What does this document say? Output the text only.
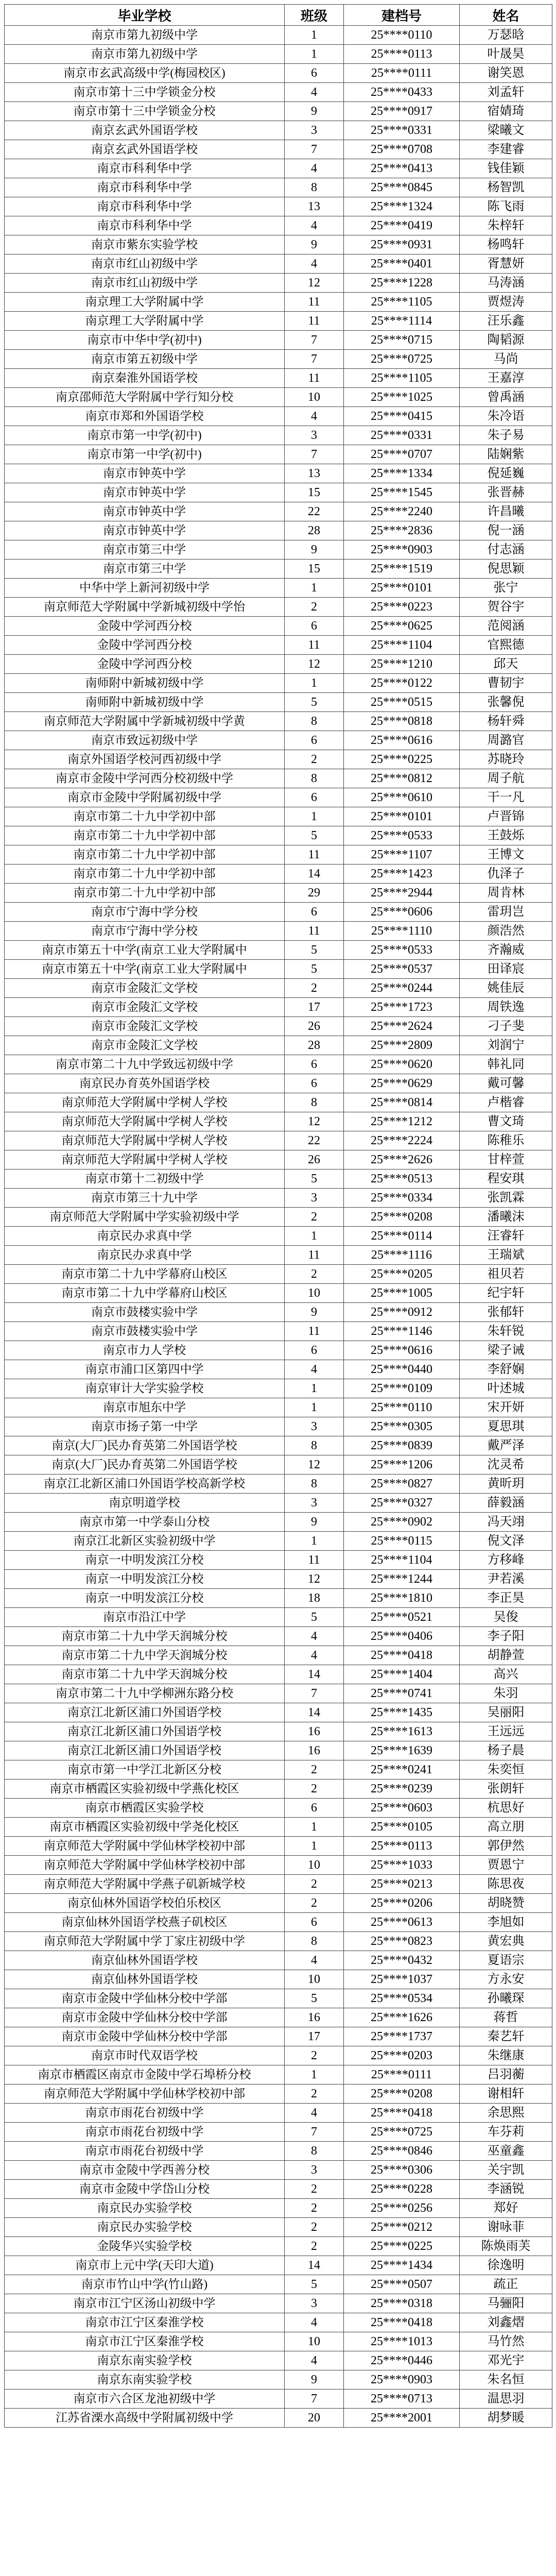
毕业学校	班级	建档号	姓名
南京市第九初级中学	1	25****0110	万瑟晗
南京市第九初级中学	1	25****0113	叶晟昊
南京市玄武高级中学(梅园校区)	6	25****0111	谢笑恩
南京市第十三中学锁金分校	4	25****0433	刘孟轩
南京市第十三中学锁金分校	9	25****0917	宿婧琦
南京玄武外国语学校	3	25****0331	梁曦文
南京玄武外国语学校	7	25****0708	李建睿
南京市科利华中学	4	25****0413	钱佳颖
南京市科利华中学	8	25****0845	杨智凯
南京市科利华中学	13	25****1324	陈飞雨
南京市科利华中学	4	25****0419	朱梓轩
南京市紫东实验学校	9	25****0931	杨鸣轩
南京市红山初级中学	4	25****0401	胥慧妍
南京市红山初级中学	12	25****1228	马涛涵
南京理工大学附属中学	11	25****1105	贾煜涛
南京理工大学附属中学	11	25****1114	汪乐鑫
南京市中华中学(初中)	7	25****0715	陶韬源
南京市第五初级中学	7	25****0725	马尚
南京秦淮外国语学校	11	25****1105	王嘉淳
南京邵师范大学附属中学行知分校	10	25****1025	曾禹涵
南京市郑和外国语学校	4	25****0415	朱冷语
南京市第一中学(初中)	3	25****0331	朱子易
南京市第一中学(初中)	7	25****0707	陆娴紫
南京市钟英中学	13	25****1334	倪延巍
南京市钟英中学	15	25****1545	张晋赫
南京市钟英中学	22	25****2240	许昌曦
南京市钟英中学	28	25****2836	倪一涵
南京市第三中学	9	25****0903	付志涵
南京市第三中学	15	25****1519	倪思颖
中华中学上新河初级中学	1	25****0101	张宁
南京师范大学附属中学新城初级中学怡	2	25****0223	贺谷宇
金陵中学河西分校	6	25****0625	范阅涵
金陵中学河西分校	11	25****1104	官熙德
金陵中学河西分校	12	25****1210	邱天
南师附中新城初级中学	1	25****0122	曹韧宇
南师附中新城初级中学	5	25****0515	张馨倪
南京师范大学附属中学新城初级中学黄	8	25****0818	杨轩舜
南京市致远初级中学	6	25****0616	周潞官
南京外国语学校河西初级中学	2	25****0225	苏晓玲
南京市金陵中学河西分校初级中学	8	25****0812	周子航
南京市金陵中学附属初级中学	6	25****0610	干一凡
南京市第二十九中学初中部	1	25****0101	卢晋锦
南京市第二十九中学初中部	5	25****0533	王鼓烁
南京市第二十九中学初中部	11	25****1107	王博文
南京市第二十九中学初中部	14	25****1423	仇泽子
南京市第二十九中学初中部	29	25****2944	周肯林
南京市宁海中学分校	6	25****0606	雷玥岂
南京市宁海中学分校	11	25****1110	颜浩然
南京市第五十中学(南京工业大学附属中	5	25****0533	齐瀚威
南京市第五十中学(南京工业大学附属中	5	25****0537	田译宸
南京市金陵汇文学校	2	25****0244	姚佳辰
南京市金陵汇文学校	17	25****1723	周铁逸
南京市金陵汇文学校	26	25****2624	刁子斐
南京市金陵汇文学校	28	25****2809	刘润宁
南京市第二十九中学致远初级中学	6	25****0620	韩礼同
南京民办育英外国语学校	6	25****0629	戴可馨
南京师范大学附属中学树人学校	8	25****0814	卢楷睿
南京师范大学附属中学树人学校	12	25****1212	曹文琦
南京师范大学附属中学树人学校	22	25****2224	陈稚乐
南京师范大学附属中学树人学校	26	25****2626	甘梓萱
南京市第十二初级中学	5	25****0513	程安琪
南京市第三十九中学	3	25****0334	张凯霖
南京师范大学附属中学实验初级中学	2	25****0208	潘曦沫
南京民办求真中学	1	25****0114	汪睿轩
南京民办求真中学	11	25****1116	王瑞斌
南京市第二十九中学幕府山校区	2	25****0205	祖贝若
南京市第二十九中学幕府山校区	10	25****1005	纪宇轩
南京市鼓楼实验中学	9	25****0912	张郁轩
南京市鼓楼实验中学	11	25****1146	朱轩锐
南京市力人学校	6	25****0616	梁子诫
南京市浦口区第四中学	4	25****0440	李舒娴
南京审计大学实验学校	1	25****0109	叶述城
南京市旭东中学	1	25****0110	宋开妍
南京市扬子第一中学	3	25****0305	夏思琪
南京(大厂)民办育英第二外国语学校	8	25****0839	戴严泽
南京(大厂)民办育英第二外国语学校	12	25****1206	沈灵希
南京江北新区浦口外国语学校高新学校	8	25****0827	黄昕玥
南京明道学校	3	25****0327	薛毅涵
南京市第一中学泰山分校	9	25****0902	冯天翊
南京江北新区实验初级中学	1	25****0115	倪文泽
南京一中明发滨江分校	11	25****1104	方移峰
南京一中明发滨江分校	12	25****1244	尹若溪
南京一中明发滨江分校	18	25****1810	李正昊
南京市沿江中学	5	25****0521	吴俊
南京市第二十九中学天润城分校	4	25****0406	李子阳
南京市第二十九中学天润城分校	4	25****0418	胡静萱
南京市第二十九中学天润城分校	14	25****1404	高兴
南京市第二十九中学柳洲东路分校	7	25****0741	朱羽
南京江北新区浦口外国语学校	14	25****1435	吴丽阳
南京江北新区浦口外国语学校	16	25****1613	王远远
南京江北新区浦口外国语学校	16	25****1639	杨子晨
南京市第一中学江北新区分校	2	25****0241	朱奕恒
南京市栖霞区实验初级中学燕化校区	2	25****0239	张朗轩
南京市栖霞区实验学校	6	25****0603	杭思好
南京市栖霞区实验初级中学尧化校区	1	25****0105	高立朋
南京师范大学附属中学仙林学校初中部	1	25****0113	郭伊然
南京师范大学附属中学仙林学校初中部	10	25****1033	贾恩宁
南京师范大学附属中学燕子矶新城学校	2	25****0213	陈思夜
南京仙林外国语学校伯乐校区	2	25****0206	胡晓赞
南京仙林外国语学校燕子矶校区	6	25****0613	李旭如
南京师范大学附属中学丁家庄初级中学	8	25****0823	黄宏典
南京仙林外国语学校	4	25****0432	夏语宗
南京仙林外国语学校	10	25****1037	方永安
南京市金陵中学仙林分校中学部	5	25****0534	孙曦琛
南京市金陵中学仙林分校中学部	16	25****1626	蒋哲
南京市金陵中学仙林分校中学部	17	25****1737	秦艺轩
南京市时代双语学校	2	25****0203	朱继康
南京市栖霞区南京市金陵中学石埠桥分校	1	25****0111	吕羽蘅
南京师范大学附属中学仙林学校初中部	2	25****0208	谢相轩
南京市雨花台初级中学	4	25****0418	余思熙
南京市雨花台初级中学	7	25****0725	车芬莉
南京市雨花台初级中学	8	25****0846	巫童鑫
南京市金陵中学西善分校	3	25****0306	关宇凯
南京市金陵中学岱山分校	2	25****0228	李涵锐
南京民办实验学校	2	25****0256	郑好
南京民办实验学校	2	25****0212	谢咏菲
金陵华兴实验学校	2	25****0225	陈焕雨芙
南京市上元中学(天印大道)	14	25****1434	徐逸明
南京市竹山中学(竹山路)	5	25****0507	疏正
南京市江宁区汤山初级中学	3	25****0318	马骊阳
南京市江宁区秦淮学校	4	25****0418	刘鑫熠
南京市江宁区秦淮学校	10	25****1013	马竹然
南京东南实验学校	4	25****0446	邓光宇
南京东南实验学校	9	25****0903	朱名恒
南京市六合区龙池初级中学	7	25****0713	温思羽
江苏省溧水高级中学附属初级中学	20	25****2001	胡梦暖
